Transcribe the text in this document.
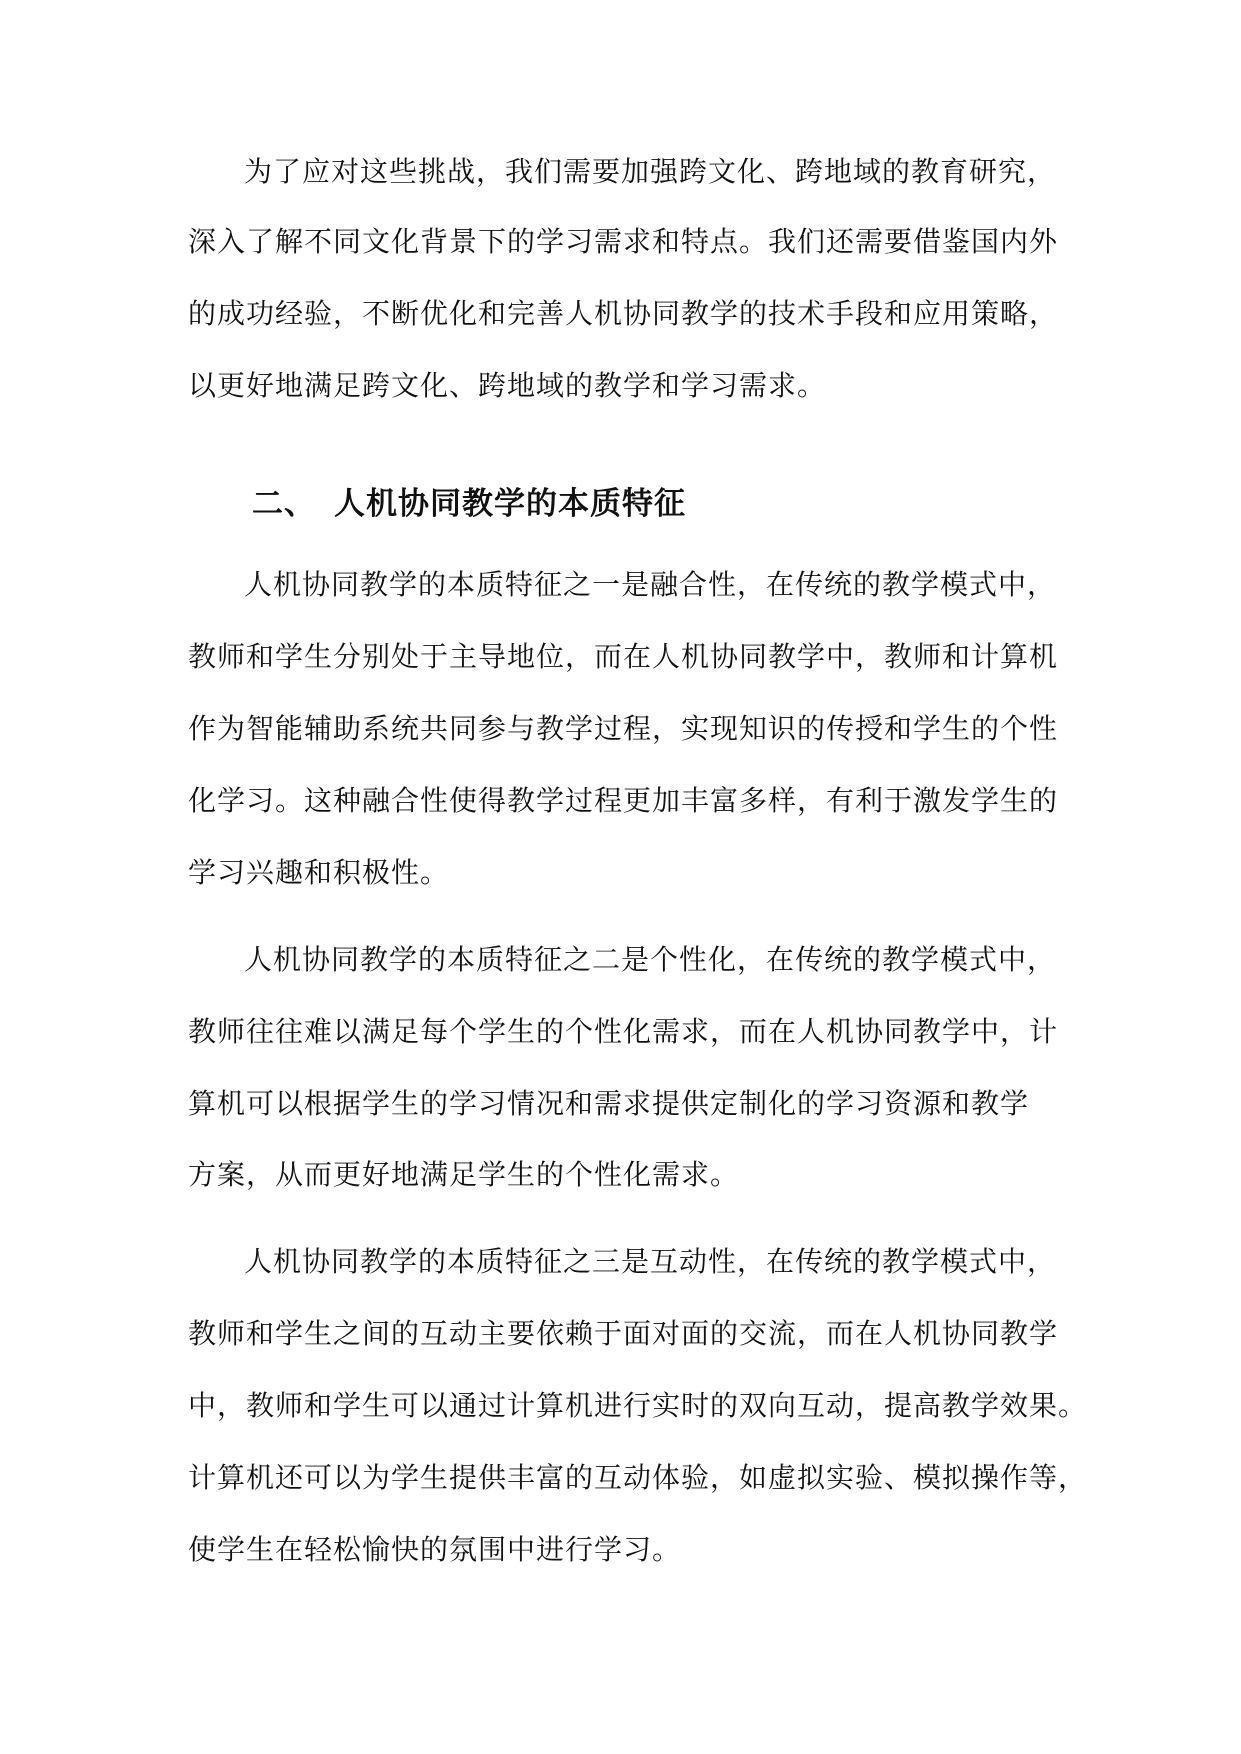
为了应对这些挑战，我们需要加强跨文化、跨地域的教育研究，
深入了解不同文化背景下的学习需求和特点。我们还需要借鉴国内外
的成功经验，不断优化和完善人机协同教学的技术手段和应用策略，
以更好地满足跨文化、跨地域的教学和学习需求。
二、 人机协同教学的本质特征
人机协同教学的本质特征之一是融合性，在传统的教学模式中，
教师和学生分别处于主导地位，而在人机协同教学中，教师和计算机
作为智能辅助系统共同参与教学过程，实现知识的传授和学生的个性
化学习。这种融合性使得教学过程更加丰富多样，有利于激发学生的
学习兴趣和积极性。
人机协同教学的本质特征之二是个性化，在传统的教学模式中，
教师往往难以满足每个学生的个性化需求，而在人机协同教学中，计
算机可以根据学生的学习情况和需求提供定制化的学习资源和教学
方案，从而更好地满足学生的个性化需求。
人机协同教学的本质特征之三是互动性，在传统的教学模式中，
教师和学生之间的互动主要依赖于面对面的交流，而在人机协同教学
中，教师和学生可以通过计算机进行实时的双向互动，提高教学效果。
计算机还可以为学生提供丰富的互动体验，如虚拟实验、模拟操作等，
使学生在轻松愉快的氛围中进行学习。
